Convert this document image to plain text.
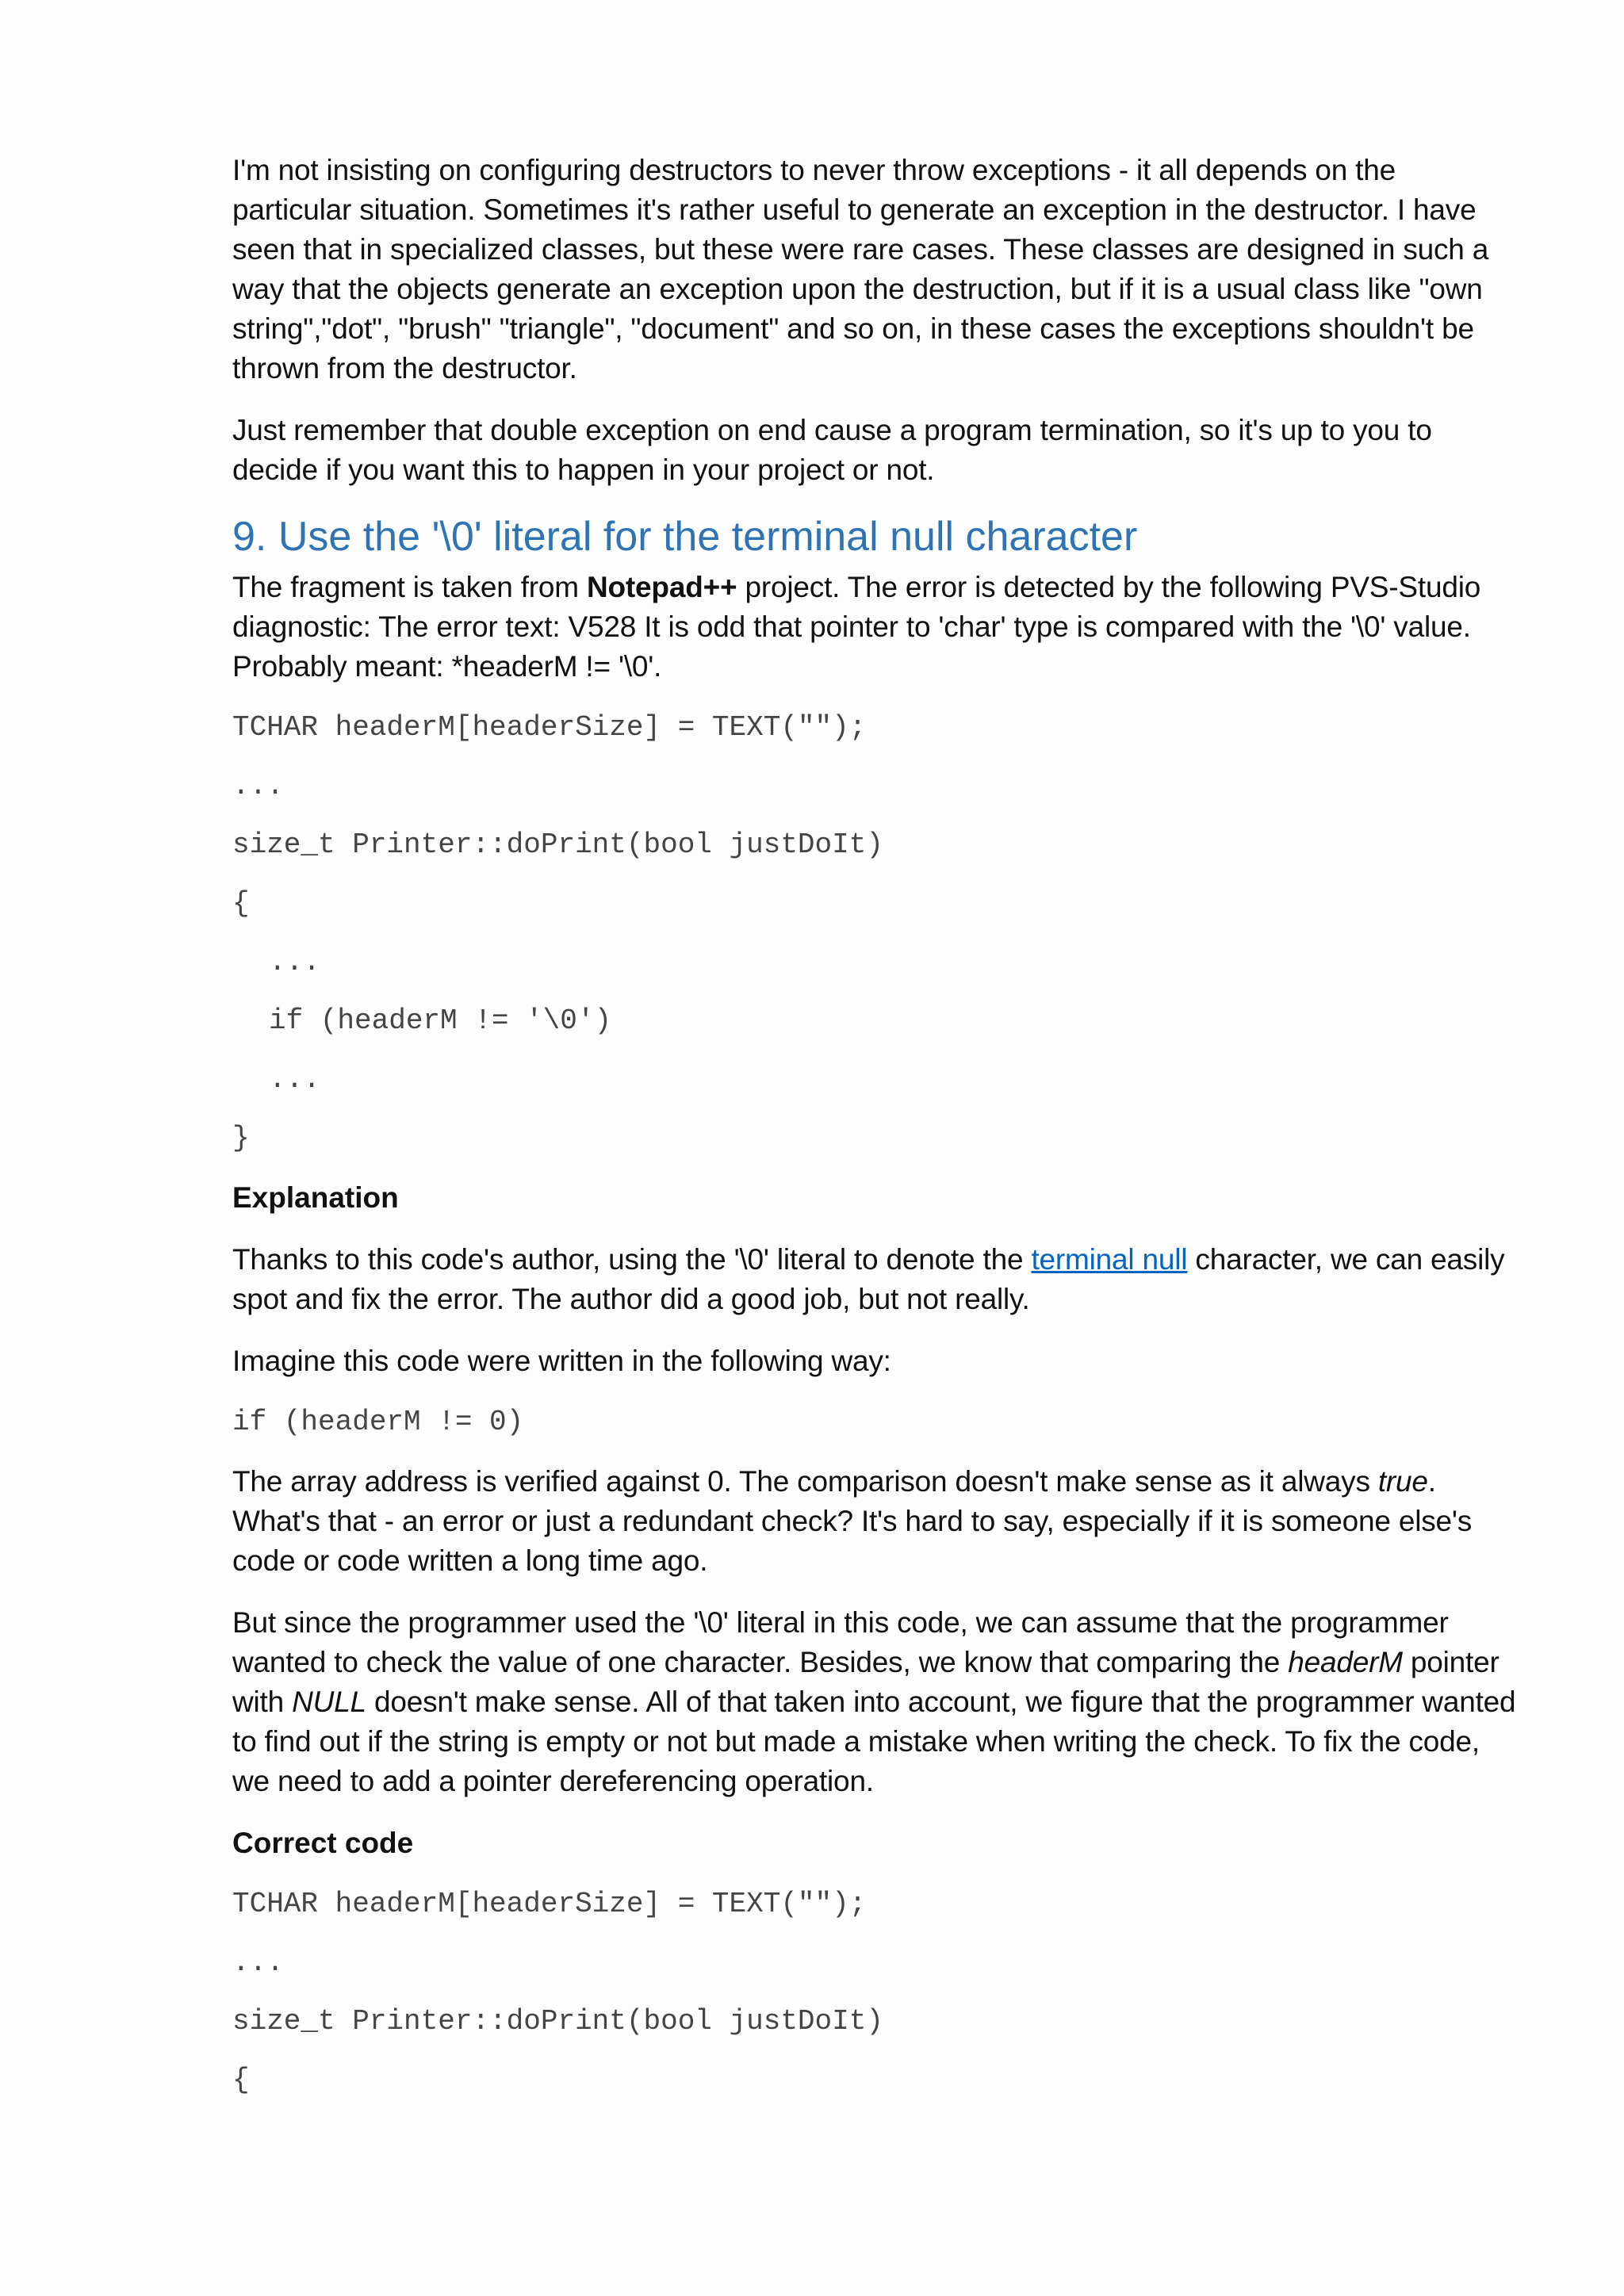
I'm not insisting on configuring destructors to never throw exceptions - it all depends on the particular situation. Sometimes it's rather useful to generate an exception in the destructor. I have seen that in specialized classes, but these were rare cases. These classes are designed in such a way that the objects generate an exception upon the destruction, but if it is a usual class like "own string","dot", "brush" "triangle", "document" and so on, in these cases the exceptions shouldn't be thrown from the destructor.

Just remember that double exception on end cause a program termination, so it's up to you to decide if you want this to happen in your project or not.

9. Use the '\0' literal for the terminal null character

The fragment is taken from Notepad++ project. The error is detected by the following PVS-Studio diagnostic: The error text: V528 It is odd that pointer to 'char' type is compared with the '\0' value. Probably meant: *headerM != '\0'.

TCHAR headerM[headerSize] = TEXT("");
...
size_t Printer::doPrint(bool justDoIt)
{
...
if (headerM != '\0')
...
}
Explanation

Thanks to this code's author, using the '\0' literal to denote the terminal null character, we can easily spot and fix the error. The author did a good job, but not really.

Imagine this code were written in the following way:

if (headerM != 0)

The array address is verified against 0. The comparison doesn't make sense as it always true. What's that - an error or just a redundant check? It's hard to say, especially if it is someone else's code or code written a long time ago.

But since the programmer used the '\0' literal in this code, we can assume that the programmer wanted to check the value of one character. Besides, we know that comparing the headerM pointer with NULL doesn't make sense. All of that taken into account, we figure that the programmer wanted to find out if the string is empty or not but made a mistake when writing the check. To fix the code, we need to add a pointer dereferencing operation.

Correct code
TCHAR headerM[headerSize] = TEXT("");
...
size_t Printer::doPrint(bool justDoIt)
{
